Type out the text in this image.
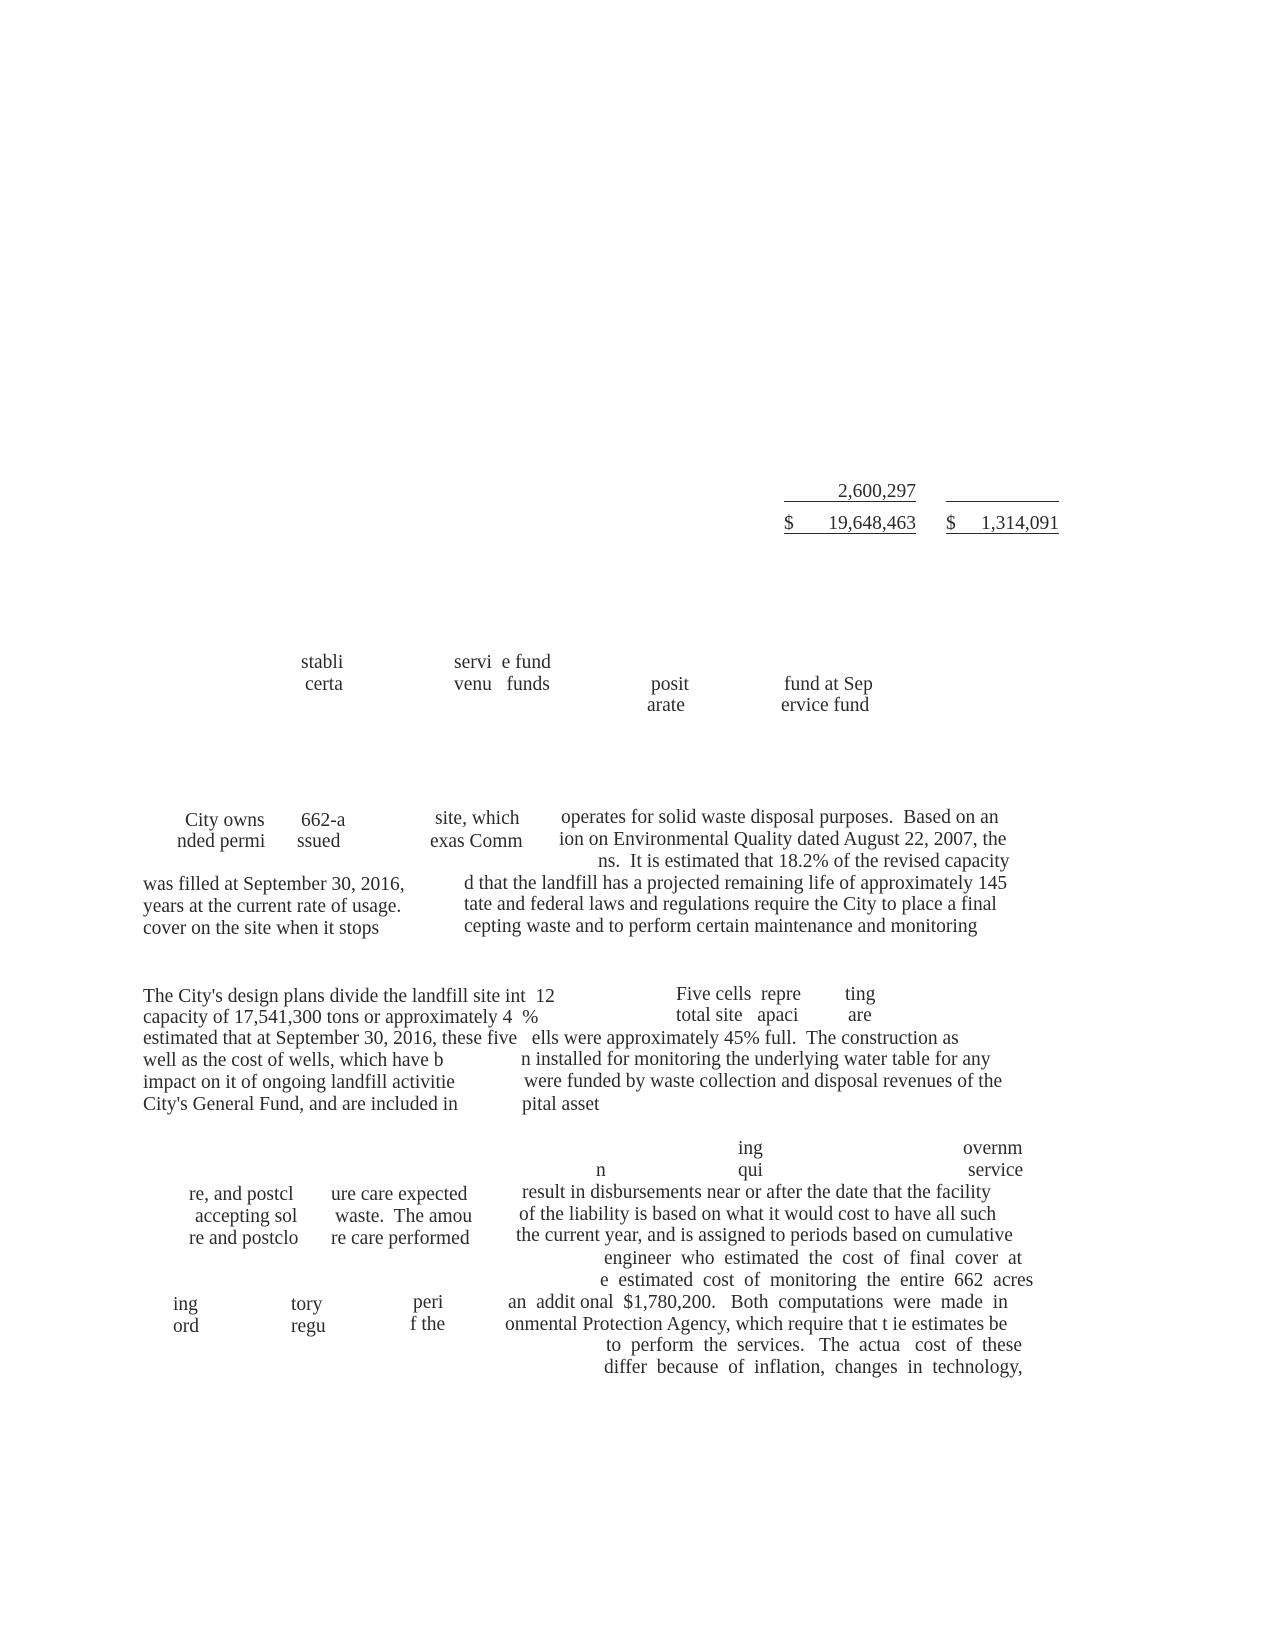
2,600,297
$	19,648,463 $	1,314,091
stabli
certa
servi  e fund
venu   funds	posit
arate
fund at Sep
ervice fund
City owns 662-a	site, which operates for solid waste disposal purposes.  Based on an
nded permi ssued	exas Comm ion on Environmental Quality dated August 22, 2007, the
ns.  It is estimated that 18.2% of the revised capacity
was filled at September 30, 2016,	d that the landfill has a projected remaining life of approximately 145
years at the current rate of usage.	tate and federal laws and regulations require the City to place a final
cover on the site when it stops	cepting waste and to perform certain maintenance and monitoring
The City's design plans divide the landfill site int  12	Five cells  repre ting
capacity of 17,541,300 tons or approximately 4  %	total site   apaci	are
estimated that at September 30, 2016, these five   ells were approximately 45% full.  The construction as
well as the cost of wells, which have b	n installed for monitoring the underlying water table for any
impact on it of ongoing landfill activitie	were funded by waste collection and disposal revenues of the
City's General Fund, and are included in	pital asset
ing	overnm
n	qui	service
re, and postcl ure care expected	result in disbursements near or after the date that the facility
accepting sol waste.  The amou of the liability is based on what it would cost to have all such
re and postclo re care performed the current year, and is assigned to periods based on cumulative
engineer  who  estimated  the  cost  of  final  cover  at
e  estimated  cost  of  monitoring  the  entire  662  acres
ing	tory	peri	an  addit onal  $1,780,200.   Both  computations  were  made  in
ord	regu	f the	onmental Protection Agency, which require that t ie estimates be
to  perform  the  services.   The  actua   cost  of  these
differ  because  of  inflation,  changes  in  technology,
